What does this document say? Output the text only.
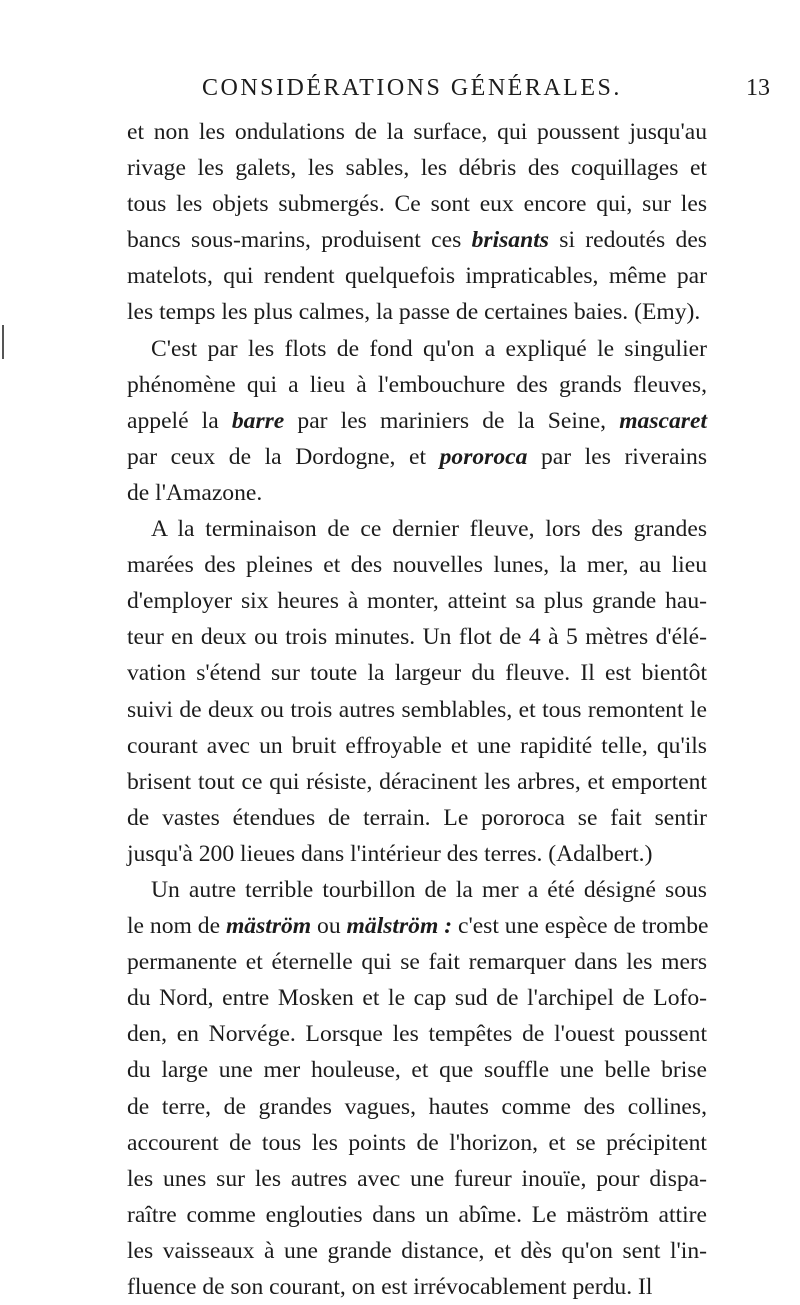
CONSIDÉRATIONS GÉNÉRALES.	13
et non les ondulations de la surface, qui poussent jusqu'au
rivage les galets, les sables, les débris des coquillages et
tous les objets submergés. Ce sont eux encore qui, sur les
bancs sous-marins, produisent ces brisants si redoutés des
matelots, qui rendent quelquefois impraticables, même par
les temps les plus calmes, la passe de certaines baies. (Emy).
C'est par les flots de fond qu'on a expliqué le singulier
phénomène qui a lieu à l'embouchure des grands fleuves,
appelé la barre par les mariniers de la Seine, mascaret
par ceux de la Dordogne, et pororoca par les riverains
de l'Amazone.
A la terminaison de ce dernier fleuve, lors des grandes
marées des pleines et des nouvelles lunes, la mer, au lieu
d'employer six heures à monter, atteint sa plus grande hau-
teur en deux ou trois minutes. Un flot de 4 à 5 mètres d'élé-
vation s'étend sur toute la largeur du fleuve. Il est bientôt
suivi de deux ou trois autres semblables, et tous remontent le
courant avec un bruit effroyable et une rapidité telle, qu'ils
brisent tout ce qui résiste, déracinent les arbres, et emportent
de vastes étendues de terrain. Le pororoca se fait sentir
jusqu'à 200 lieues dans l'intérieur des terres. (Adalbert.)
Un autre terrible tourbillon de la mer a été désigné sous
le nom de mäström ou mälström : c'est une espèce de trombe
permanente et éternelle qui se fait remarquer dans les mers
du Nord, entre Mosken et le cap sud de l'archipel de Lofo-
den, en Norvége. Lorsque les tempêtes de l'ouest poussent
du large une mer houleuse, et que souffle une belle brise
de terre, de grandes vagues, hautes comme des collines,
accourent de tous les points de l'horizon, et se précipitent
les unes sur les autres avec une fureur inouïe, pour dispa-
raître comme englouties dans un abîme. Le mäström attire
les vaisseaux à une grande distance, et dès qu'on sent l'in-
fluence de son courant, on est irrévocablement perdu. Il
